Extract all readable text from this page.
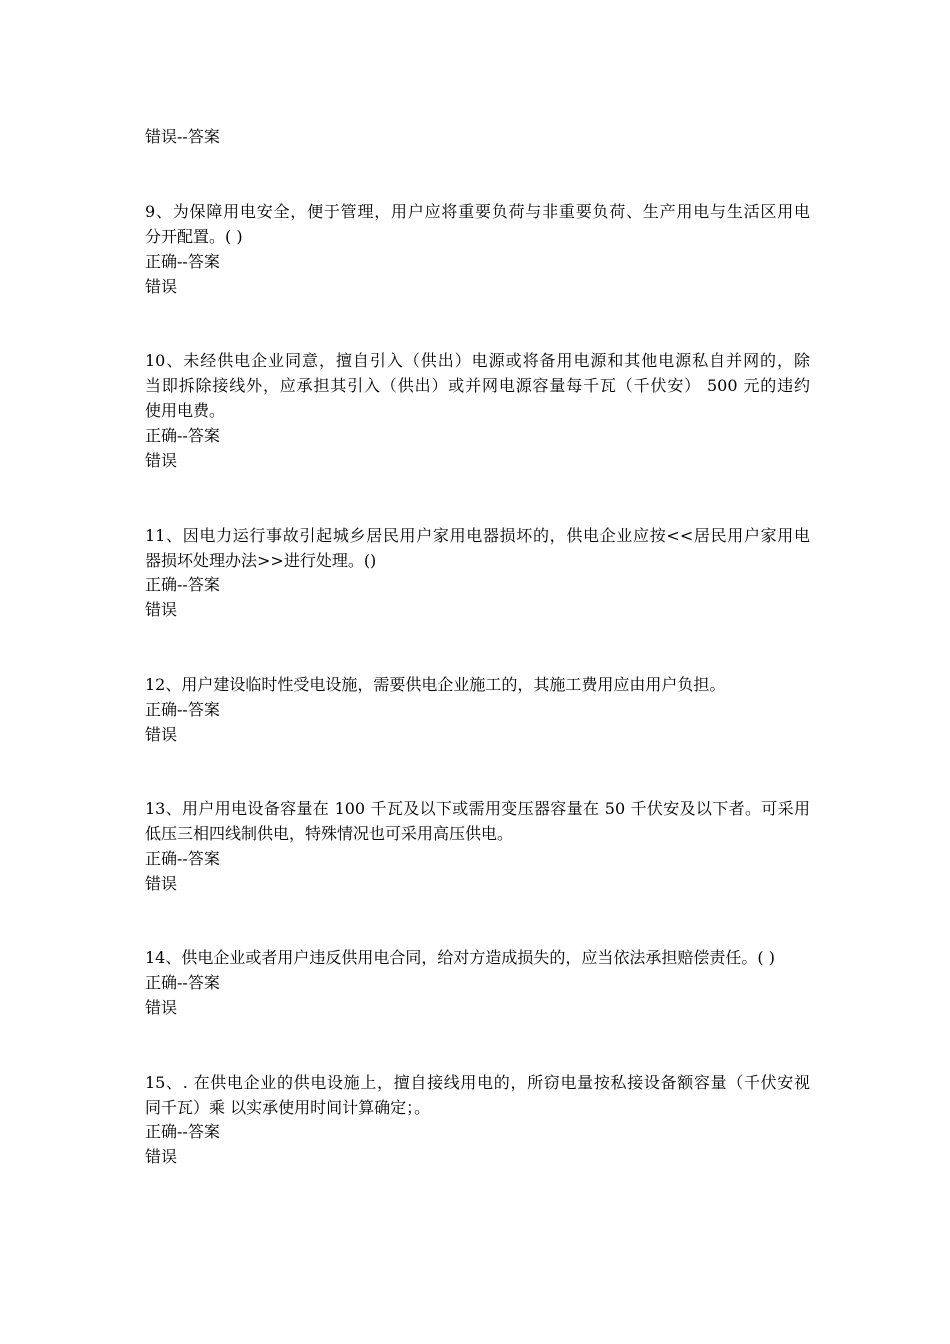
错误--答案
9、为保障用电安全，便于管理，用户应将重要负荷与非重要负荷、生产用电与生活区用电
分开配置。( )
正确--答案
错误
10、未经供电企业同意，擅自引入（供出）电源或将备用电源和其他电源私自并网的，除
当即拆除接线外，应承担其引入（供出）或并网电源容量每千瓦（千伏安） 500 元的违约
使用电费。
正确--答案
错误
11、因电力运行事故引起城乡居民用户家用电器损坏的，供电企业应按<<居民用户家用电
器损坏处理办法>>进行处理。()
正确--答案
错误
12、用户建设临时性受电设施，需要供电企业施工的，其施工费用应由用户负担。
正确--答案
错误
13、用户用电设备容量在 100 千瓦及以下或需用变压器容量在 50 千伏安及以下者。可采用
低压三相四线制供电，特殊情况也可采用高压供电。
正确--答案
错误
14、供电企业或者用户违反供用电合同，给对方造成损失的，应当依法承担赔偿责任。( )
正确--答案
错误
15、. 在供电企业的供电设施上，擅自接线用电的，所窃电量按私接设备额容量（千伏安视
同千瓦）乘 以实承使用时间计算确定；。
正确--答案
错误
